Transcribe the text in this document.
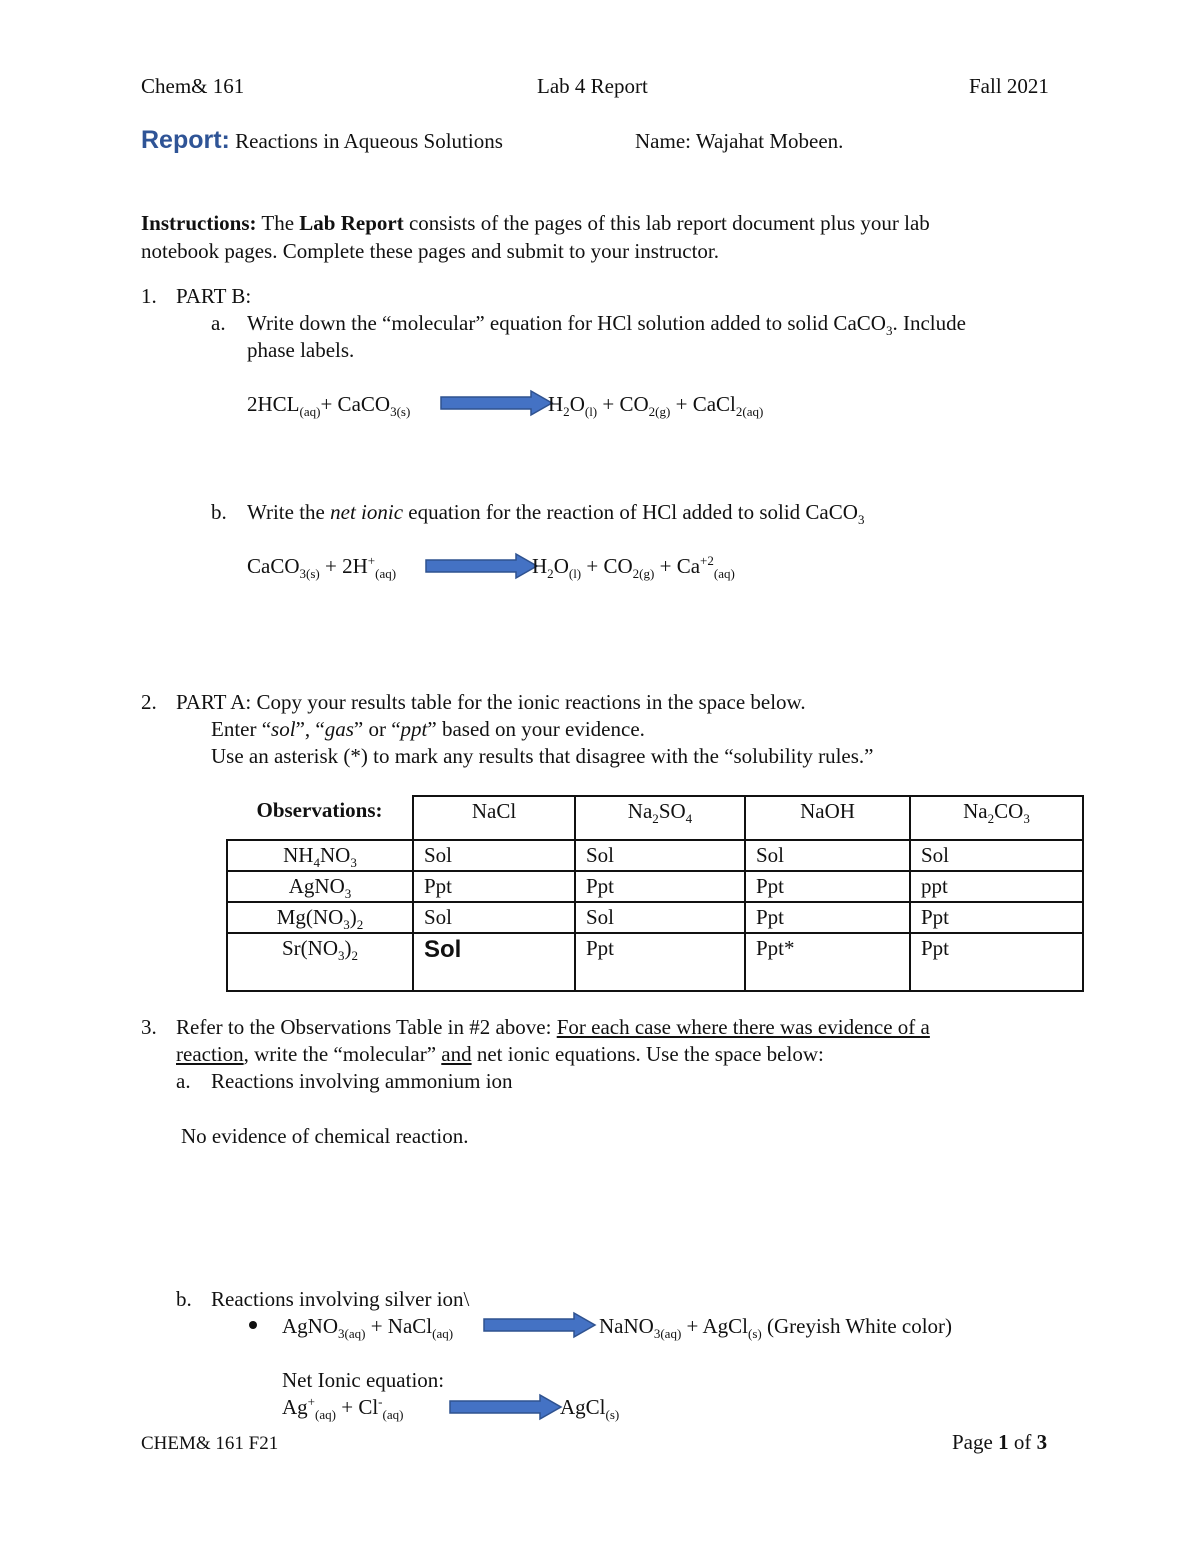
Chem& 161	Lab 4 Report	Fall 2021
Report: Reactions in Aqueous Solutions	Name: Wajahat Mobeen.
Instructions: The Lab Report consists of the pages of this lab report document plus your lab
notebook pages. Complete these pages and submit to your instructor.
1. PART B:
a. Write down the “molecular” equation for HCl solution added to solid CaCO$_3$. Include
phase labels.
$2HCL_{(aq)}+$ CaCO$_{3(s)}$	$H_2O_{(l)} + CO_{2(g)}$ + CaCl$_{2(aq)}$
b. Write the net ionic equation for the reaction of HCl added to solid CaCO$_3$
CaCO$_{3(s)}$ + $2H^+_{(aq)}$	$H_2O_{(l)} + CO_{2(g)} + Ca^{+2}_{(aq)}$
2. PART A: Copy your results table for the ionic reactions in the space below.
Enter “sol”, “gas” or “ppt” based on your evidence.
Use an asterisk (*) to mark any results that disagree with the “solubility rules.”
Observations:	NaCl	$Na_2SO_4$	NaOH	$Na_2CO_3$
$NH_4NO_3$	Sol	Sol	Sol	Sol
AgNO$_3$	Ppt	Ppt	Ppt	ppt
$Mg(NO_3)_2$	Sol	Sol	Ppt	Ppt
$Sr(NO_3)_2$	Sol	Ppt	Ppt*	Ppt
3. Refer to the Observations Table in #2 above: For each case where there was evidence of a
reaction, write the “molecular” and net ionic equations. Use the space below:
a. Reactions involving ammonium ion
No evidence of chemical reaction.
b. Reactions involving silver ion\
AgNO$_{3(aq)}$ + NaCl$_{(aq)}$	NaNO$_{3(aq)}$ + AgCl$_{(s)}$ (Greyish White color)
Net Ionic equation:
$Ag^+_{(aq)} + Cl^-_{(aq)}$	AgCl$_{(s)}$
CHEM& 161 F21	Page 1 of 3
